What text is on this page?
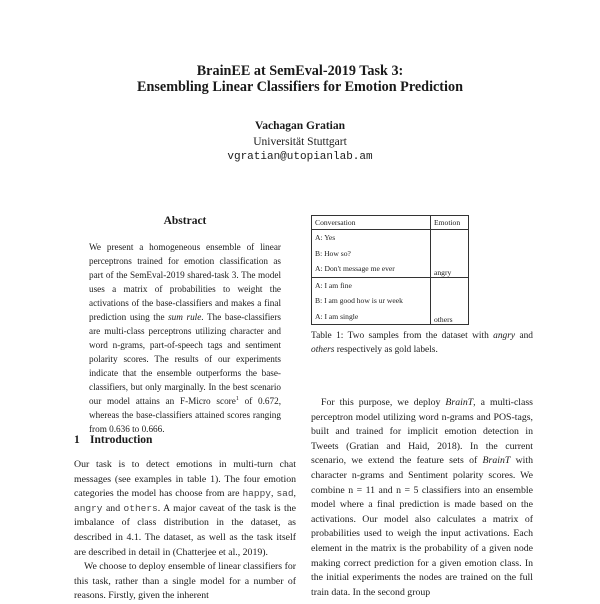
BrainEE at SemEval-2019 Task 3:
Ensembling Linear Classifiers for Emotion Prediction
Vachagan Gratian
Universität Stuttgart
vgratian@utopianlab.am
Abstract
We present a homogeneous ensemble of linear perceptrons trained for emotion classification as part of the SemEval-2019 shared-task 3. The model uses a matrix of probabilities to weight the activations of the base-classifiers and makes a final prediction using the sum rule. The base-classifiers are multi-class perceptrons utilizing character and word n-grams, part-of-speech tags and sentiment polarity scores. The results of our experiments indicate that the ensemble outperforms the base-classifiers, but only marginally. In the best scenario our model attains an F-Micro score$^1$ of 0.672, whereas the base-classifiers attained scores ranging from 0.636 to 0.666.
1 Introduction

Our task is to detect emotions in multi-turn chat messages (see examples in table 1). The four emotion categories the model has choose from are happy, sad, angry and others. A major caveat of the task is the imbalance of class distribution in the dataset, as described in 4.1. The dataset, as well as the task itself are described in detail in (Chatterjee et al., 2019).

We choose to deploy ensemble of linear classifiers for this task, rather than a single model for a number of reasons. Firstly, given the inherent

Conversation	Emotion
A: Yes	
B: How so?	
A: Don't message me ever	angry
A: I am fine	
B: I am good how is ur week	
A: I am single	others
Table 1: Two samples from the dataset with angry and others respectively as gold labels.

For this purpose, we deploy BrainT, a multi-class perceptron model utilizing word n-grams and POS-tags, built and trained for implicit emotion detection in Tweets (Gratian and Haid, 2018). In the current scenario, we extend the feature sets of BrainT with character n-grams and Sentiment polarity scores. We combine n = 11 and n = 5 classifiers into an ensemble model where a final prediction is made based on the activations. Our model also calculates a matrix of probabilities used to weigh the input activations. Each element in the matrix is the probability of a given node making correct prediction for a given emotion class. In the initial experiments the nodes are trained on the full train data. In the second group
